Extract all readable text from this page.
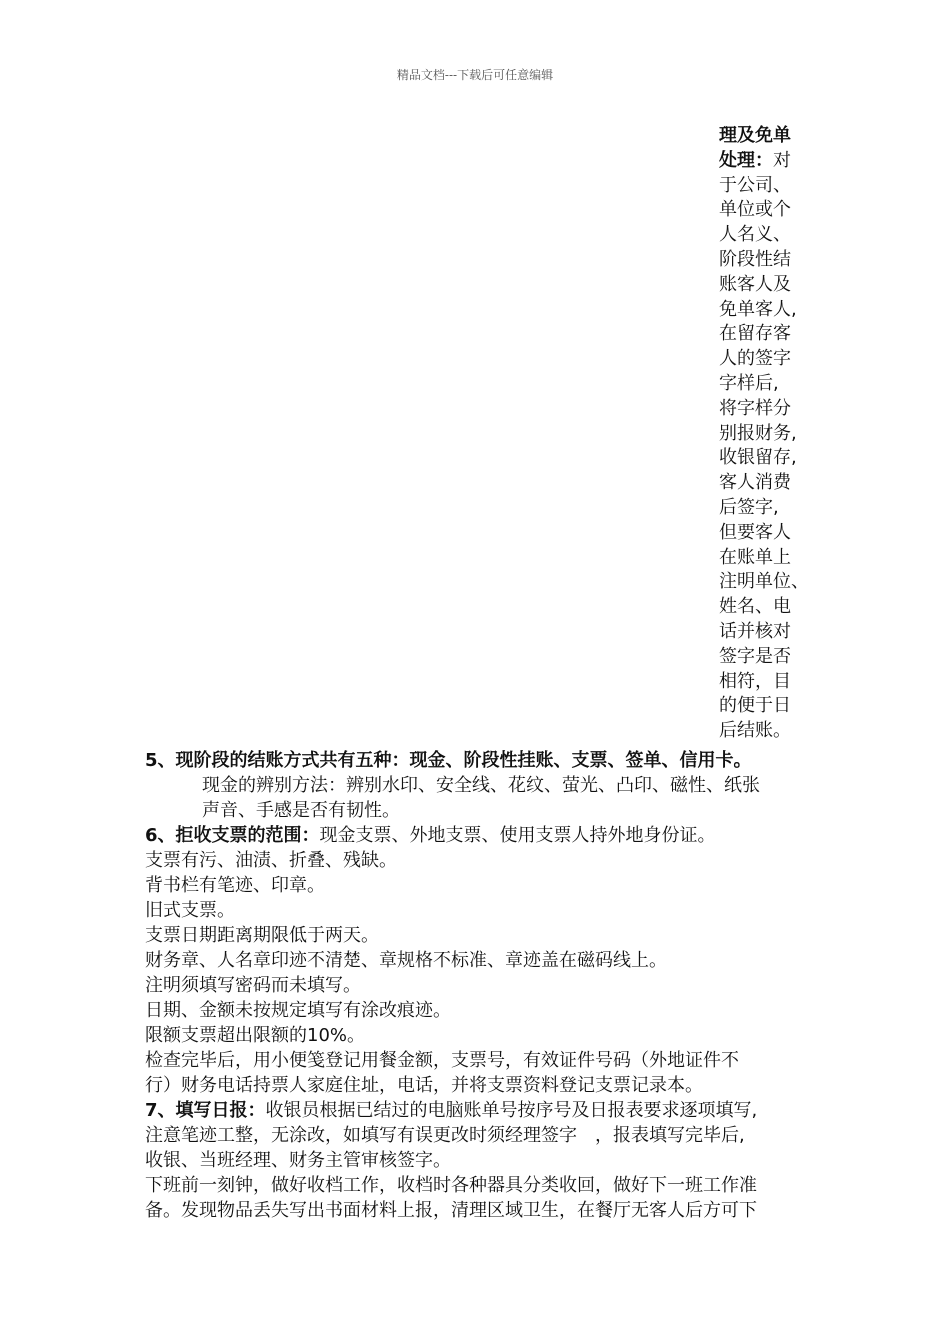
精品文档---下载后可任意编辑
理及免单
处理：对
于公司、
单位或个
人名义、
阶段性结
账客人及
免单客人,
在留存客
人的签字
字样后,
将字样分
别报财务,
收银留存,
客人消费
后签字,
但要客人
在账单上
注明单位、
姓名、电
话并核对
签字是否
相符，目
的便于日
后结账。
5、现阶段的结账方式共有五种：现金、阶段性挂账、支票、签单、信用卡。
现金的辨别方法：辨别水印、安全线、花纹、萤光、凸印、磁性、纸张
声音、手感是否有韧性。
6、拒收支票的范围：现金支票、外地支票、使用支票人持外地身份证。
支票有污、油渍、折叠、残缺。
背书栏有笔迹、印章。
旧式支票。
支票日期距离期限低于两天。
财务章、人名章印迹不清楚、章规格不标准、章迹盖在磁码线上。
注明须填写密码而未填写。
日期、金额未按规定填写有涂改痕迹。
限额支票超出限额的10%。
检查完毕后，用小便笺登记用餐金额，支票号，有效证件号码（外地证件不
行）财务电话持票人家庭住址，电话，并将支票资料登记支票记录本。
7、填写日报：收银员根据已结过的电脑账单号按序号及日报表要求逐项填写,
注意笔迹工整，无涂改，如填写有误更改时须经理签字　，报表填写完毕后,
收银、当班经理、财务主管审核签字。
下班前一刻钟，做好收档工作，收档时各种器具分类收回，做好下一班工作准
备。发现物品丢失写出书面材料上报，清理区域卫生，在餐厅无客人后方可下
